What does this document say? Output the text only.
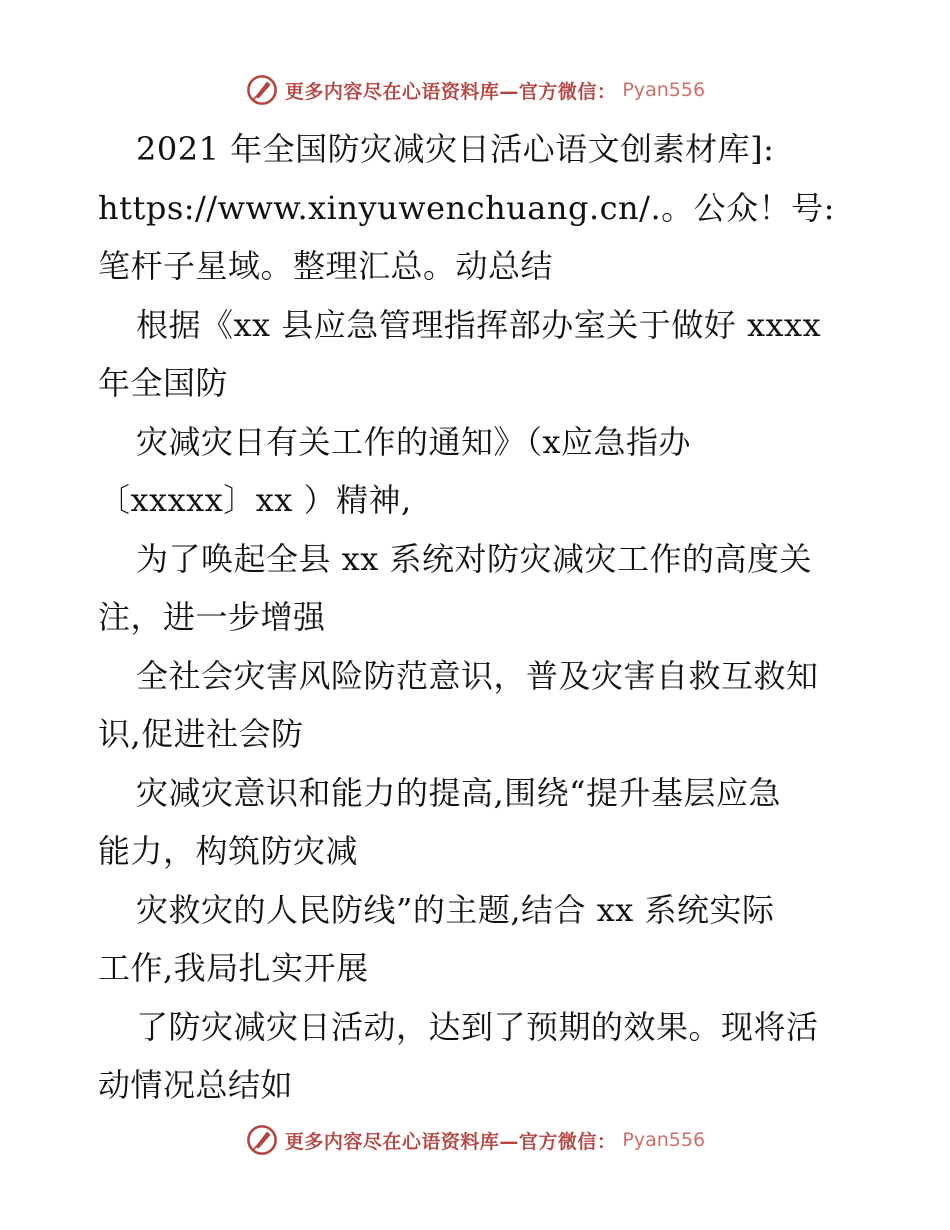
更多内容尽在心语资料库—官方微信： Pyan556
2021 年全国防灾减灾日活心语文创素材库]:
https://www.xinyuwenchuang.cn/.。公众！号:
笔杆子星域。整理汇总。动总结
根据《xx 县应急管理指挥部办室关于做好 xxxx
年全国防
灾减灾日有关工作的通知》（x应急指办
〔xxxxx〕xx ）精神,
为了唤起全县 xx 系统对防灾减灾工作的高度关
注，进一步增强
全社会灾害风险防范意识，普及灾害自救互救知
识,促进社会防
灾减灾意识和能力的提高,围绕“提升基层应急
能力，构筑防灾减
灾救灾的人民防线”的主题,结合 xx 系统实际
工作,我局扎实开展
了防灾减灾日活动，达到了预期的效果。现将活
动情况总结如
更多内容尽在心语资料库—官方微信： Pyan556
